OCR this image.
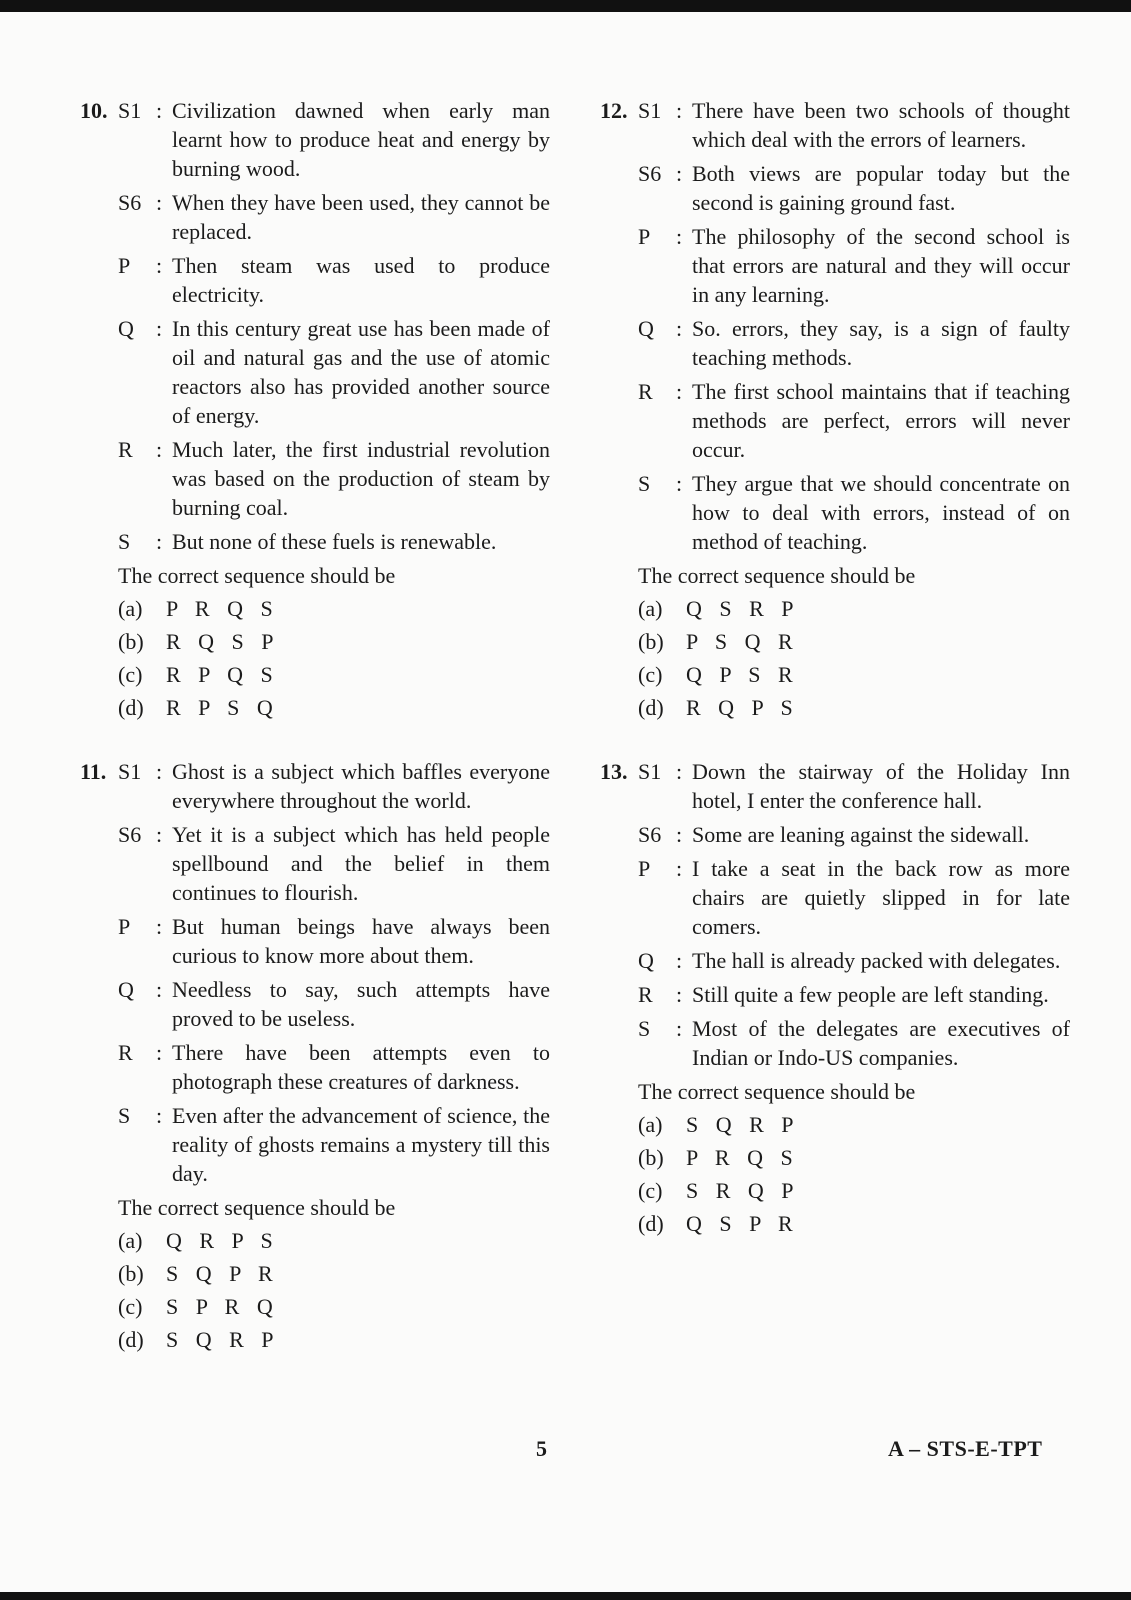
10. S1 : Civilization dawned when early man learnt how to produce heat and energy by burning wood.
S6 : When they have been used, they cannot be replaced.
P	: Then steam was used to produce electricity.
Q	: In this century great use has been made of oil and natural gas and the use of atomic reactors also has provided another source of energy.
R	: Much later, the first industrial revolution was based on the production of steam by burning coal.
S	: But none of these fuels is renewable.
The correct sequence should be
(a)	P R Q S
(b)	R Q S P
(c)	R P Q S
(d)	R P S Q
11. S1 : Ghost is a subject which baffles everyone everywhere throughout the world.
S6 : Yet it is a subject which has held people spellbound and the belief in them continues to flourish.
P	: But human beings have always been curious to know more about them.
Q	: Needless to say, such attempts have proved to be useless.
R	: There have been attempts even to photograph these creatures of darkness.
S	: Even after the advancement of science, the reality of ghosts remains a mystery till this day.
The correct sequence should be
(a)	Q R P S
(b)	S Q P R
(c)	S P R Q
(d)	S Q R P
12. S1 : There have been two schools of thought which deal with the errors of learners.
S6 : Both views are popular today but the second is gaining ground fast.
P	: The philosophy of the second school is that errors are natural and they will occur in any learning.
Q	: So. errors, they say, is a sign of faulty teaching methods.
R	: The first school maintains that if teaching methods are perfect, errors will never occur.
S	: They argue that we should concentrate on how to deal with errors, instead of on method of teaching.
The correct sequence should be
(a)	Q S R P
(b)	P S Q R
(c)	Q P S R
(d)	R Q P S
13. S1 : Down the stairway of the Holiday Inn hotel, I enter the conference hall.
S6 : Some are leaning against the sidewall.
P	: I take a seat in the back row as more chairs are quietly slipped in for late comers.
Q	: The hall is already packed with delegates.
R	: Still quite a few people are left standing.
S	: Most of the delegates are executives of Indian or Indo-US companies.
The correct sequence should be
(a)	S Q R P
(b)	P R Q S
(c)	S R Q P
(d)	Q S P R
5	A – STS-E-TPT
